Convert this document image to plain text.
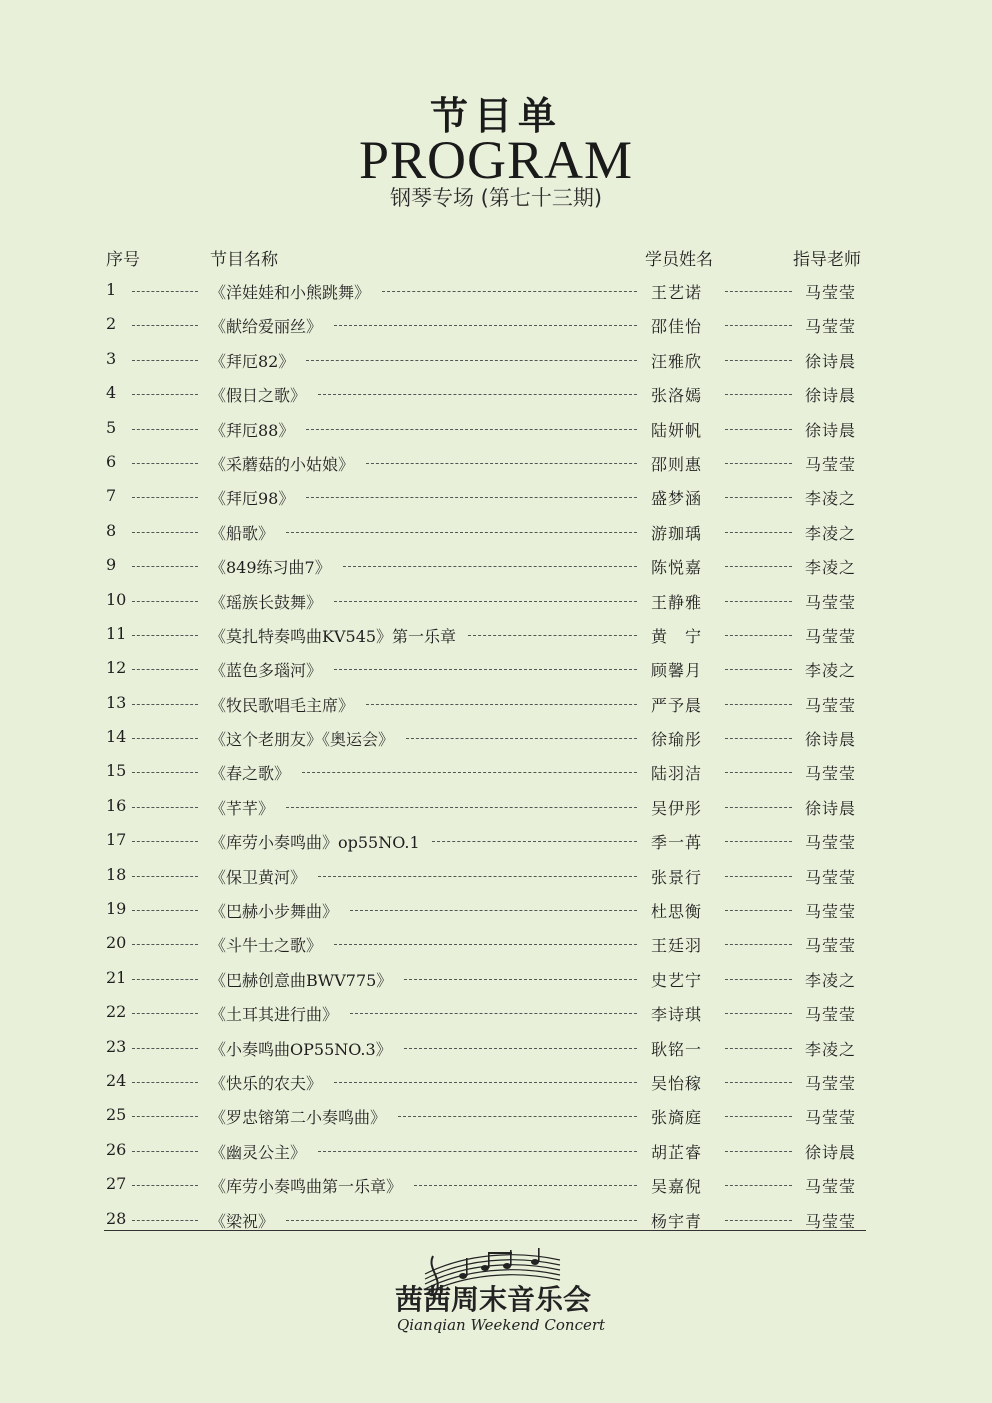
节目单
PROGRAM
钢琴专场 (第七十三期)
序号	节目名称	学员姓名	指导老师
1	《洋娃娃和小熊跳舞》	王艺诺	马莹莹
2	《献给爱丽丝》	邵佳怡	马莹莹
3	《拜厄82》	汪雅欣	徐诗晨
4	《假日之歌》	张洛嫣	徐诗晨
5	《拜厄88》	陆妍帆	徐诗晨
6	《采蘑菇的小姑娘》	邵则惠	马莹莹
7	《拜厄98》	盛梦涵	李凌之
8	《船歌》	游珈瑀	李凌之
9	《849练习曲7》	陈悦嘉	李凌之
10	《瑶族长鼓舞》	王静雅	马莹莹
11	《莫扎特奏鸣曲KV545》第一乐章	黄　宁	马莹莹
12	《蓝色多瑙河》	顾馨月	李凌之
13	《牧民歌唱毛主席》	严予晨	马莹莹
14	《这个老朋友》《奥运会》	徐瑜彤	徐诗晨
15	《春之歌》	陆羽洁	马莹莹
16	《芊芊》	吴伊彤	徐诗晨
17	《库劳小奏鸣曲》op55NO.1	季一苒	马莹莹
18	《保卫黄河》	张景行	马莹莹
19	《巴赫小步舞曲》	杜思衡	马莹莹
20	《斗牛士之歌》	王廷羽	马莹莹
21	《巴赫创意曲BWV775》	史艺宁	李凌之
22	《土耳其进行曲》	李诗琪	马莹莹
23	《小奏鸣曲OP55NO.3》	耿铭一	李凌之
24	《快乐的农夫》	吴怡稼	马莹莹
25	《罗忠镕第二小奏鸣曲》	张旖庭	马莹莹
26	《幽灵公主》	胡芷睿	徐诗晨
27	《库劳小奏鸣曲第一乐章》	吴嘉倪	马莹莹
28	《梁祝》	杨宇青	马莹莹
茜茜周末音乐会
Qianqian Weekend Concert
